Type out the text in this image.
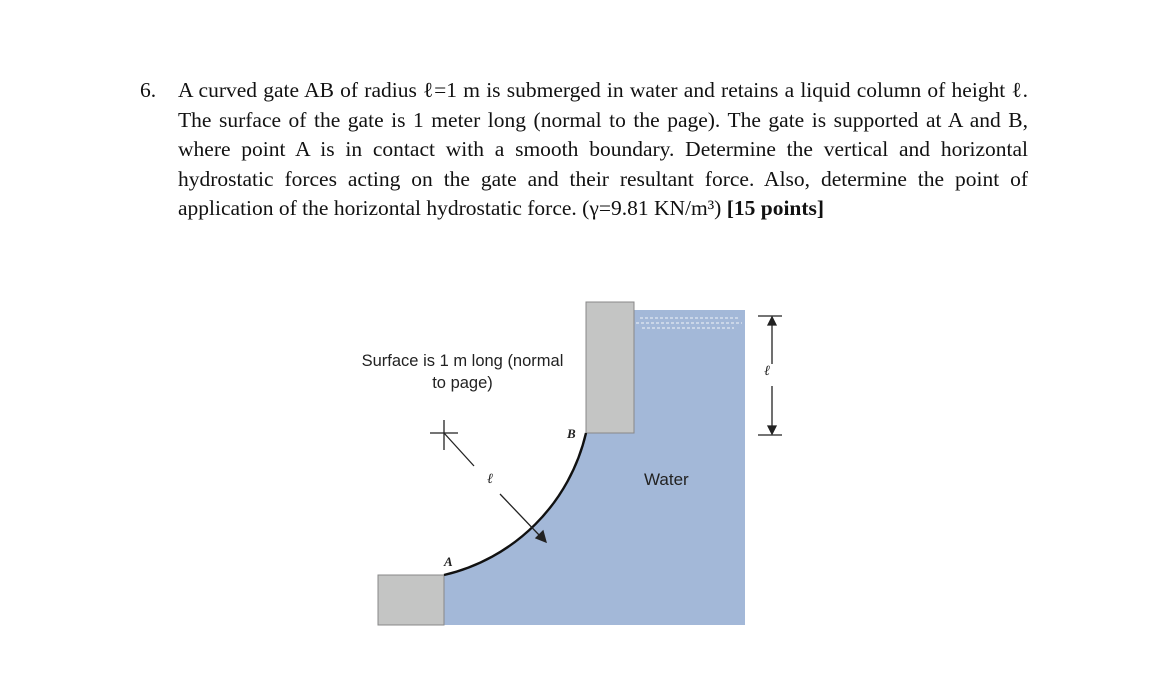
6. A curved gate AB of radius ℓ=1 m is submerged in water and retains a liquid column of height ℓ. The surface of the gate is 1 meter long (normal to the page). The gate is supported at A and B, where point A is in contact with a smooth boundary. Determine the vertical and horizontal hydrostatic forces acting on the gate and their resultant force. Also, determine the point of application of the horizontal hydrostatic force. (γ=9.81 KN/m³) [15 points]
Surface is 1 m long (normal to page)
Water
B
A
ℓ
ℓ
